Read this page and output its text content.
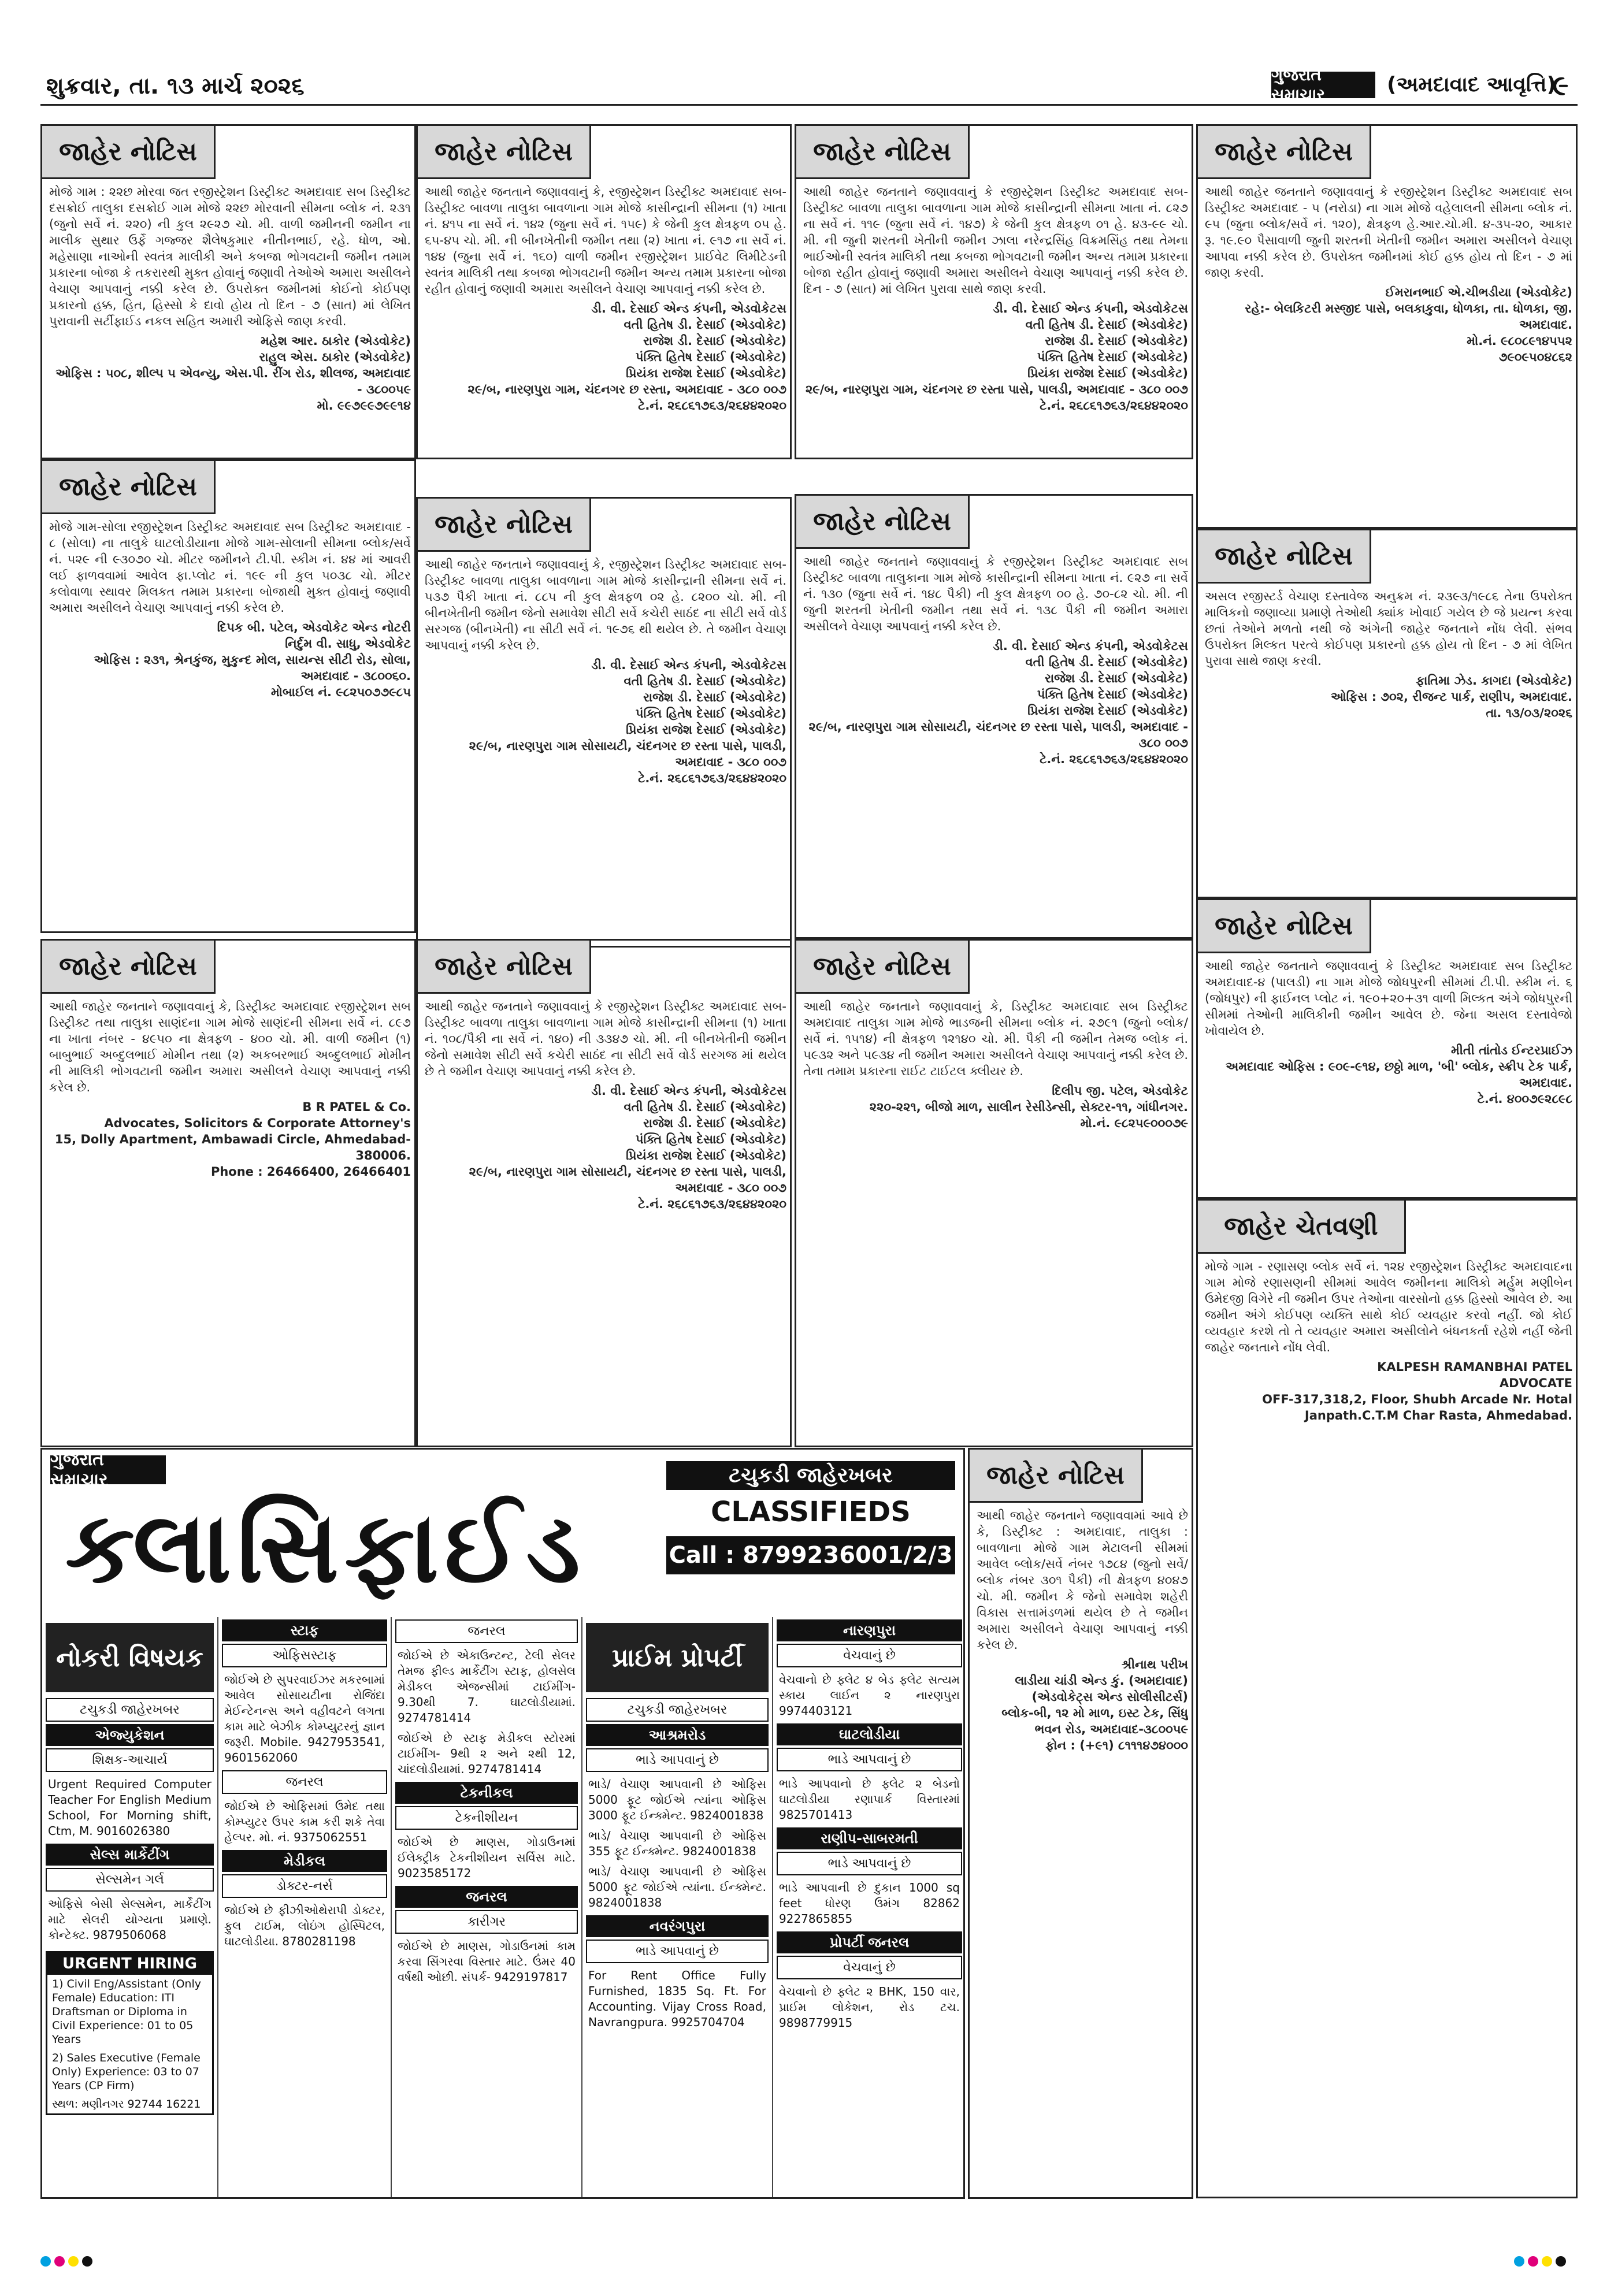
શુક્રવાર, તા. ૧૩ માર્ચ ૨૦૨૬	ગુજરાત સમાચાર	(અમદાવાદ આવૃત્તિ)
૯
જાહેર નોટિસ

મોજે ગામ : ૨૨છ મોરવા જત રજીસ્ટ્રેશન ડિસ્ટ્રીક્ટ અમદાવાદ સબ ડિસ્ટ્રીક્ટ દસક્રોઈ તાલુકા દસક્રોઈ ગામ મોજે ૨૨છ મોરવાની સીમના બ્લોક નં. ૨૩૧ (જુનો સર્વે નં. ૨૨૦) ની કુલ ૨૯૨૭ ચો. મી. વાળી જમીનની જમીન ના માલીક સુથાર ઉર્ફે ગજ્જર શૈલેષકુમાર નીતીનભાઈ, રહે. ધોળ, ઓ. મહેસાણા નાઓની સ્વતંત્ર માલીકી અને કબજા ભોગવટાની જમીન તમામ પ્રકારના બોજા કે તકરારથી મુક્ત હોવાનું જણાવી તેઓએ અમારા અસીલને વેચાણ આપવાનું નક્કી કરેલ છે. ઉપરોક્ત જમીનમાં કોઈનો કોઈપણ પ્રકારનો હક્ક, હિત, હિસ્સો કે દાવો હોય તો દિન - ૭ (સાત) માં લેખિત પુરાવાની સર્ટીફાઈડ નકલ સહિત અમારી ઓફિસે જાણ કરવી.

મહેશ આર. ઠાકોર (એડવોકેટ)
રાહુલ એસ. ઠાકોર (એડવોકેટ)
ઓફિસ : ૫૦૮, શીલ્પ ૫ એવન્યુ, એસ.પી. રીંગ રોડ, શીલજ, અમદાવાદ - ૩૮૦૦૫૯
મો. ૯૯૭૯૯૭૯૯૧૪

જાહેર નોટિસ

આથી જાહેર જનતાને જણાવવાનું કે, રજીસ્ટ્રેશન ડિસ્ટ્રીક્ટ અમદાવાદ સબ-ડિસ્ટ્રીક્ટ બાવળા તાલુકા બાવળાના ગામ મોજે કાસીન્દ્રાની સીમના (૧) ખાતા નં. ૪૧૫ ના સર્વે નં. ૧૪૨ (જુના સર્વે નં. ૧૫૯) કે જેની કુલ ક્ષેત્રફળ ૦૫ હે. ૬૫-૪૫ ચો. મી. ની બીનખેતીની જમીન તથા (૨) ખાતા નં. ૯૧૭ ના સર્વે નં. ૧૪૪ (જુના સર્વે નં. ૧૬૦) વાળી જમીન રજીસ્ટ્રેશન પ્રાઈવેટ લિમીટેડની સ્વતંત્ર માલિકી તથા કબજા ભોગવટાની જમીન અન્ય તમામ પ્રકારના બોજા રહીત હોવાનું જણાવી અમારા અસીલને વેચાણ આપવાનું નક્કી કરેલ છે.

ડી. વી. દેસાઈ એન્ડ કંપની, એડવોકેટસ
વતી હિતેષ ડી. દેસાઈ (એડવોકેટ)
રાજેશ ડી. દેસાઈ (એડવોકેટ)
પંક્તિ હિતેષ દેસાઈ (એડવોકેટ)
પ્રિયંકા રાજેશ દેસાઈ (એડવોકેટ)
૨૯/બ, નારણપુરા ગામ, ચંદનગર છ રસ્તા, અમદાવાદ - ૩૮૦ ૦૦૭
ટે.નં. ૨૬૮૬૧૭૬૩/૨૬૪૪૨૦૨૦

જાહેર નોટિસ

આથી જાહેર જનતાને જણાવવાનું કે રજીસ્ટ્રેશન ડિસ્ટ્રીક્ટ અમદાવાદ સબ-ડિસ્ટ્રીક્ટ બાવળા તાલુકા બાવળાના ગામ મોજે કાસીન્દ્રાની સીમના ખાતા નં. ૮૨૭ ના સર્વે નં. ૧૧૯ (જુના સર્વે નં. ૧૪૭) કે જેની કુલ ક્ષેત્રફળ ૦૧ હે. ૪૩-૯૯ ચો. મી. ની જુની શરતની ખેતીની જમીન ઝાલા નરેન્દ્રસિંહ વિક્રમસિંહ તથા તેમના ભાઈઓની સ્વતંત્ર માલિકી તથા કબજા ભોગવટાની જમીન અન્ય તમામ પ્રકારના બોજા રહીત હોવાનું જણાવી અમારા અસીલને વેચાણ આપવાનું નક્કી કરેલ છે. દિન - ૭ (સાત) માં લેખિત પુરાવા સાથે જાણ કરવી.

ડી. વી. દેસાઈ એન્ડ કંપની, એડવોકેટસ
વતી હિતેષ ડી. દેસાઈ (એડવોકેટ)
રાજેશ ડી. દેસાઈ (એડવોકેટ)
પંક્તિ હિતેષ દેસાઈ (એડવોકેટ)
પ્રિયંકા રાજેશ દેસાઈ (એડવોકેટ)
૨૯/બ, નારણપુરા ગામ, ચંદનગર છ રસ્તા પાસે, પાલડી, અમદાવાદ - ૩૮૦ ૦૦૭
ટે.નં. ૨૬૮૬૧૭૬૩/૨૬૪૪૨૦૨૦

જાહેર નોટિસ

આથી જાહેર જનતાને જણાવવાનું કે રજીસ્ટ્રેશન ડિસ્ટ્રીક્ટ અમદાવાદ સબ ડિસ્ટ્રીક્ટ અમદાવાદ - ૫ (નરોડા) ના ગામ મોજે વહેલાલની સીમના બ્લોક નં. ૯૫ (જુના બ્લોક/સર્વે નં. ૧૨૦), ક્ષેત્રફળ હે.આર.ચો.મી. ૪-૩૫-૨૦, આકાર રૂ. ૧૯.૯૦ પૈસાવાળી જુની શરતની ખેતીની જમીન અમારા અસીલને વેચાણ આપવા નક્કી કરેલ છે. ઉપરોક્ત જમીનમાં કોઈ હક્ક હોય તો દિન - ૭ માં જાણ કરવી.

ઈમરાનભાઈ એ.ચીભડીયા (એડવોકેટ)
રહે:- બેલકિટરી મસ્જીદ પાસે, બલકાકુવા, ધોળકા, તા. ધોળકા, જી. અમદાવાદ.
મો.નં. ૯૮૦૮૯૧૪૫૫૨
૭૯૦૯૫૦૪૮૬૨

જાહેર નોટિસ

મોજે ગામ-સોલા રજીસ્ટ્રેશન ડિસ્ટ્રીક્ટ અમદાવાદ સબ ડિસ્ટ્રીક્ટ અમદાવાદ - ૮ (સોલા) ના તાલુકે ઘાટલોડીયાના મોજે ગામ-સોલાની સીમના બ્લોક/સર્વે નં. ૫૨૯ ની ૯૩૦૭૦ ચો. મીટર જમીનને ટી.પી. સ્કીમ નં. ૪૪ માં આવરી લઈ ફાળવવામાં આવેલ ફા.પ્લોટ નં. ૧૯૯ ની કુલ ૫૦૩૮ ચો. મીટર કલોવાળા સ્થાવર મિલકત તમામ પ્રકારના બોજાથી મુક્ત હોવાનું જણાવી અમારા અસીલને વેચાણ આપવાનું નક્કી કરેલ છે.

દિપક બી. પટેલ, એડવોકેટ એન્ડ નોટરી
નિર્દુમ વી. સાધુ, એડવોકેટ
ઓફિસ : ૨૩૧, શ્રેનકુંજ, મુકુન્દ મોલ, સાયન્સ સીટી રોડ, સોલા, અમદાવાદ - ૩૮૦૦૬૦.
મોબાઈલ નં. ૯૮૨૫૦૭૭૯૮૫

જાહેર નોટિસ

આથી જાહેર જનતાને જણાવવાનું કે, રજીસ્ટ્રેશન ડિસ્ટ્રીક્ટ અમદાવાદ સબ-ડિસ્ટ્રીક્ટ બાવળા તાલુકા બાવળાના ગામ મોજે કાસીન્દ્રાની સીમના સર્વે નં. ૫૩૭ પૈકી ખાતા નં. ૮૮૫ ની કુલ ક્ષેત્રફળ ૦૨ હે. ૮૨૦૦ ચો. મી. ની બીનખેતીની જમીન જેનો સમાવેશ સીટી સર્વે કચેરી સાઠંદ ના સીટી સર્વે વોર્ડ સરગજ (બીનખેતી) ના સીટી સર્વે નં. ૧૯૭૬ થી થયેલ છે. તે જમીન વેચાણ આપવાનું નક્કી કરેલ છે.

ડી. વી. દેસાઈ એન્ડ કંપની, એડવોકેટસ
વતી હિતેષ ડી. દેસાઈ (એડવોકેટ)
રાજેશ ડી. દેસાઈ (એડવોકેટ)
પંક્તિ હિતેષ દેસાઈ (એડવોકેટ)
પ્રિયંકા રાજેશ દેસાઈ (એડવોકેટ)
૨૯/બ, નારણપુરા ગામ સોસાયટી, ચંદનગર છ રસ્તા પાસે, પાલડી, અમદાવાદ - ૩૮૦ ૦૦૭
ટે.નં. ૨૬૮૬૧૭૬૩/૨૬૪૪૨૦૨૦

જાહેર નોટિસ

આથી જાહેર જનતાને જણાવવાનું કે રજીસ્ટ્રેશન ડિસ્ટ્રીક્ટ અમદાવાદ સબ ડિસ્ટ્રીક્ટ બાવળા તાલુકાના ગામ મોજે કાસીન્દ્રાની સીમના ખાતા નં. ૯૨૭ ના સર્વે નં. ૧૩૦ (જુના સર્વે નં. ૧૪૮ પૈકી) ની કુલ ક્ષેત્રફળ ૦૦ હે. ૭૦-૮૨ ચો. મી. ની જુની શરતની ખેતીની જમીન તથા સર્વે નં. ૧૩૮ પૈકી ની જમીન અમારા અસીલને વેચાણ આપવાનું નક્કી કરેલ છે.

ડી. વી. દેસાઈ એન્ડ કંપની, એડવોકેટસ
વતી હિતેષ ડી. દેસાઈ (એડવોકેટ)
રાજેશ ડી. દેસાઈ (એડવોકેટ)
પંક્તિ હિતેષ દેસાઈ (એડવોકેટ)
પ્રિયંકા રાજેશ દેસાઈ (એડવોકેટ)
૨૯/બ, નારણપુરા ગામ સોસાયટી, ચંદનગર છ રસ્તા પાસે, પાલડી, અમદાવાદ - ૩૮૦ ૦૦૭
ટે.નં. ૨૬૮૬૧૭૬૩/૨૬૪૪૨૦૨૦

જાહેર નોટિસ

અસલ રજીસ્ટર્ડ વેચાણ દસ્તાવેજ અનુક્રમ નં. ૨૩૯૩/૧૯૮૬ તેના ઉપરોક્ત માલિકનો જણાવ્યા પ્રમાણે તેઓથી ક્યાંક ખોવાઈ ગયેલ છે જે પ્રયત્ન કરવા છતાં તેઓને મળતો નથી જે અંગેની જાહેર જનતાને નોંધ લેવી. સંભવ ઉપરોક્ત મિલ્કત પરત્વે કોઈપણ પ્રકારનો હક્ક હોય તો દિન - ૭ માં લેખિત પુરાવા સાથે જાણ કરવી.

ફાતિમા ઝેડ. કાગદા (એડવોકેટ)
ઓફિસ : ૭૦૨, રીજન્ટ પાર્ક, રાણીપ, અમદાવાદ.
તા. ૧૩/૦૩/૨૦૨૬

જાહેર નોટિસ

આથી જાહેર જનતાને જણાવવાનું કે, ડિસ્ટ્રીક્ટ અમદાવાદ રજીસ્ટ્રેશન સબ ડિસ્ટ્રીક્ટ તથા તાલુકા સાણંદના ગામ મોજે સાણંદની સીમના સર્વે નં. ૮૯૭ ના ખાતા નંબર - ૪૯૫૦ ના ક્ષેત્રફળ - ૪૦૦ ચો. મી. વાળી જમીન (૧) બાબુભાઈ અબ્દુલભાઈ મોમીન તથા (૨) અકબરભાઈ અબ્દુલભાઈ મોમીન ની માલિકી ભોગવટાની જમીન અમારા અસીલને વેચાણ આપવાનું નક્કી કરેલ છે.

B R PATEL & Co.
Advocates, Solicitors & Corporate Attorney's
15, Dolly Apartment, Ambawadi Circle, Ahmedabad- 380006.
Phone : 26466400, 26466401

જાહેર નોટિસ

આથી જાહેર જનતાને જણાવવાનું કે રજીસ્ટ્રેશન ડિસ્ટ્રીક્ટ અમદાવાદ સબ-ડિસ્ટ્રીક્ટ બાવળા તાલુકા બાવળાના ગામ મોજે કાસીન્દ્રાની સીમના (૧) ખાતા નં. ૧૦૮/પૈકી ના સર્વે નં. ૧૪૦) ની ૩૩૪૭ ચો. મી. ની બીનખેતીની જમીન જેનો સમાવેશ સીટી સર્વે કચેરી સાઠંદ ના સીટી સર્વે વોર્ડ સરગજ માં થયેલ છે તે જમીન વેચાણ આપવાનું નક્કી કરેલ છે.

ડી. વી. દેસાઈ એન્ડ કંપની, એડવોકેટસ
વતી હિતેષ ડી. દેસાઈ (એડવોકેટ)
રાજેશ ડી. દેસાઈ (એડવોકેટ)
પંક્તિ હિતેષ દેસાઈ (એડવોકેટ)
પ્રિયંકા રાજેશ દેસાઈ (એડવોકેટ)
૨૯/બ, નારણપુરા ગામ સોસાયટી, ચંદનગર છ રસ્તા પાસે, પાલડી, અમદાવાદ - ૩૮૦ ૦૦૭
ટે.નં. ૨૬૮૬૧૭૬૩/૨૬૪૪૨૦૨૦

જાહેર નોટિસ

આથી જાહેર જનતાને જણાવવાનું કે ડિસ્ટ્રીક્ટ અમદાવાદ સબ ડિસ્ટ્રીક્ટ અમદાવાદ-૪ (પાલડી) ના ગામ મોજે જોધપુરની સીમમાં ટી.પી. સ્કીમ નં. ૬ (જોધપુર) ની ફાઈનલ પ્લોટ નં. ૧૯૦+૨૦+૩૧ વાળી મિલ્કત અંગે જોધપુરની સીમમાં તેઓની માલિકીની જમીન આવેલ છે. જેના અસલ દસ્તાવેજો ખોવાયેલ છે.

મીતી તાંતોડ ઈન્ટરપ્રાઈઝ
અમદાવાદ ઓફિસ : ૯૦૯-૯૧૪, છઠ્ઠો માળ, 'બી' બ્લોક, સ્ક્રીપ ટેક પાર્ક, અમદાવાદ.
ટે.નં. ૪૦૦૭૯૨૮૯૮

જાહેર નોટિસ

આથી જાહેર જનતાને જણાવવાનું કે, ડિસ્ટ્રીક્ટ અમદાવાદ સબ ડિસ્ટ્રીક્ટ અમદાવાદ તાલુકા ગામ મોજે ભાડજની સીમના બ્લોક નં. ૨૭૯૧ (જુનો બ્લોક/સર્વે નં. ૧૫૧૪) ની ક્ષેત્રફળ ૧૨૧૪૦ ચો. મી. પૈકી ની જમીન તેમજ બ્લોક નં. ૫૯૩૨ અને ૫૯૩૪ ની જમીન અમારા અસીલને વેચાણ આપવાનું નક્કી કરેલ છે. તેના તમામ પ્રકારના રાઈટ ટાઈટલ ક્લીયર છે.

દિલીપ જી. પટેલ, એડવોકેટ
૨૨૦-૨૨૧, બીજો માળ, સાલીન રેસીડેન્સી, સેક્ટર-૧૧, ગાંધીનગર.
મો.નં. ૯૮૨૫૯૦૦૦૭૯

જાહેર ચેતવણી

મોજે ગામ - રણાસણ બ્લોક સર્વે નં. ૧૨૪ રજીસ્ટ્રેશન ડિસ્ટ્રીક્ટ અમદાવાદના ગામ મોજે રણાસણની સીમમાં આવેલ જમીનના માલિકો મર્હુમ મણીબેન ઉમેદજી વિગેરે ની જમીન ઉપર તેઓના વારસોનો હક્ક હિસ્સો આવેલ છે. આ જમીન અંગે કોઈપણ વ્યક્તિ સાથે કોઈ વ્યવહાર કરવો નહીં. જો કોઈ વ્યવહાર કરશે તો તે વ્યવહાર અમારા અસીલોને બંધનકર્તા રહેશે નહીં જેની જાહેર જનતાને નોંધ લેવી.

KALPESH RAMANBHAI PATEL
ADVOCATE
OFF-317,318,2, Floor, Shubh Arcade Nr. Hotal Janpath.C.T.M Char Rasta, Ahmedabad.

જાહેર નોટિસ

આથી જાહેર જનતાને જણાવવામાં આવે છે કે, ડિસ્ટ્રીક્ટ : અમદાવાદ, તાલુકા : બાવળાના મોજે ગામ મેટાલની સીમમાં આવેલ બ્લોક/સર્વે નંબર ૧૭૮૪ (જુનો સર્વે/બ્લોક નંબર ૩૦૧ પૈકી) ની ક્ષેત્રફળ ૪૦૪૭ ચો. મી. જમીન કે જેનો સમાવેશ શહેરી વિકાસ સત્તામંડળમાં થયેલ છે તે જમીન અમારા અસીલને વેચાણ આપવાનું નક્કી કરેલ છે.

શ્રીનાથ પરીખ
લાડીયા ચાંડી એન્ડ કું. (અમદાવાદ)
(એડવોકેટ્સ એન્ડ સોલીસીટર્સ)
બ્લોક-બી, ૧૨ મો માળ, ઇસ્ટ ટેક, સિંધુ ભવન રોડ, અમદાવાદ-૩૮૦૦૫૯
ફોન : (+૯૧) ૮૧૧૧૪૭૪૦૦૦

ગુજરાત સમાચાર
ક્લાસિફાઈડ
ટચુકડી જાહેરખબર
CLASSIFIEDS
Call : 8799236001/2/3
નોકરી વિષયક
ટચુકડી જાહેરખબર
એજ્યુકેશન
શિક્ષક-આચાર્ય
Urgent Required Computer Teacher For English Medium School, For Morning shift, Ctm, M. 9016026380
સેલ્સ માર્કેટીંગ
સેલ્સમેન ગર્લ
ઓફિસે બેસી સેલ્સમેન, માર્કેટીંગ માટે સેલરી યોગ્યતા પ્રમાણે. કોન્ટેક્ટ. 9879506068
URGENT HIRING
1) Civil Eng/Assistant (Only Female) Education: ITI Draftsman or Diploma in Civil Experience: 01 to 05 Years
2) Sales Executive (Female Only) Experience: 03 to 07 Years (CP Firm)
સ્થળ: મણીનગર 92744 16221
સ્ટાફ
ઓફિસસ્ટાફ
જોઈએ છે સુપરવાઈઝર મકરબામાં આવેલ સોસાયટીના રોજિંદા મેઈન્ટેનન્સ અને વહીવટને લગતા કામ માટે બેઝીક કોમ્પ્યુટરનું જ્ઞાન જરૂરી. Mobile. 9427953541, 9601562060
જનરલ
જોઈએ છે ઓફિસમાં ઉમેદ તથા કોમ્પ્યુટર ઉપર કામ કરી શકે તેવા હેલ્પર. મો. નં. 9375062551
મેડીકલ
ડોક્ટર-નર્સ
જોઈએ છે ફીઝીઓથેરાપી ડોક્ટર, ફુલ ટાઈમ, લોઇંગ હોસ્પિટલ, ઘાટલોડીયા. 8780281198
જનરલ
જોઈએ છે એકાઉન્ટન્ટ, ટેલી સેલર તેમજ ફીલ્ડ માર્કેટીંગ સ્ટાફ, હોલસેલ મેડીકલ એજન્સીમાં ટાઈમીંગ- 9.30થી 7. ઘાટલોડીયામાં. 9274781414
જોઈએ છે સ્ટાફ મેડીકલ સ્ટોરમાં ટાઈમીંગ- 9થી ૨ અને ૨થી 12, ચાંદલોડીયામાં. 9274781414
ટેકનીકલ
ટેકનીશીયન
જોઈએ છે માણસ, ગોડાઉનમાં ઈલેક્ટ્રીક ટેકનીશીયન સર્વિસ માટે. 9023585172
જનરલ
કારીગર
જોઈએ છે માણસ, ગોડાઉનમાં કામ કરવા સિંગરવા વિસ્તાર માટે. ઉંમર 40 વર્ષથી ઓછી. સંપર્ક- 9429197817
પ્રાઈમ પ્રોપર્ટી
ટચુકડી જાહેરખબર
આશ્રમરોડ
ભાડે આપવાનું છે
ભાડે/ વેચાણ આપવાની છે ઓફિસ 5000 ફૂટ જોઈએ ત્યાંના ઓફિસ 3000 ફૂટ ઈન્ક્મેન્ટ. 9824001838
ભાડે/ વેચાણ આપવાની છે ઓફિસ 355 ફૂટ ઈન્ક્મેન્ટ. 9824001838
ભાડે/ વેચાણ આપવાની છે ઓફિસ 5000 ફૂટ જોઈએ ત્યાંના. ઈન્ક્મેન્ટ. 9824001838
નવરંગપુરા
ભાડે આપવાનું છે
For Rent Office Fully Furnished, 1835 Sq. Ft. For Accounting. Vijay Cross Road, Navrangpura. 9925704704
નારણપુરા
વેચવાનું છે
વેચવાનો છે ફ્લેટ ૪ બેડ ફ્લેટ સત્યમ સ્કાય લાઈન ૨ નારણપુરા 9974403121
ઘાટલોડીયા
ભાડે આપવાનું છે
ભાડે આપવાનો છે ફ્લેટ ૨ બેડનો ઘાટલોડીયા રણાપાર્ક વિસ્તારમાં 9825701413
રાણીપ-સાબરમતી
ભાડે આપવાનું છે
ભાડે આપવાની છે દુકાન 1000 sq feet ધોરણ ઉમંગ 82862 9227865855
પ્રોપર્ટી જનરલ
વેચવાનું છે
વેચવાનો છે ફ્લેટ ૨ BHK, 150 વાર, પ્રાઈમ લોકેશન, રોડ ટચ. 9898779915
